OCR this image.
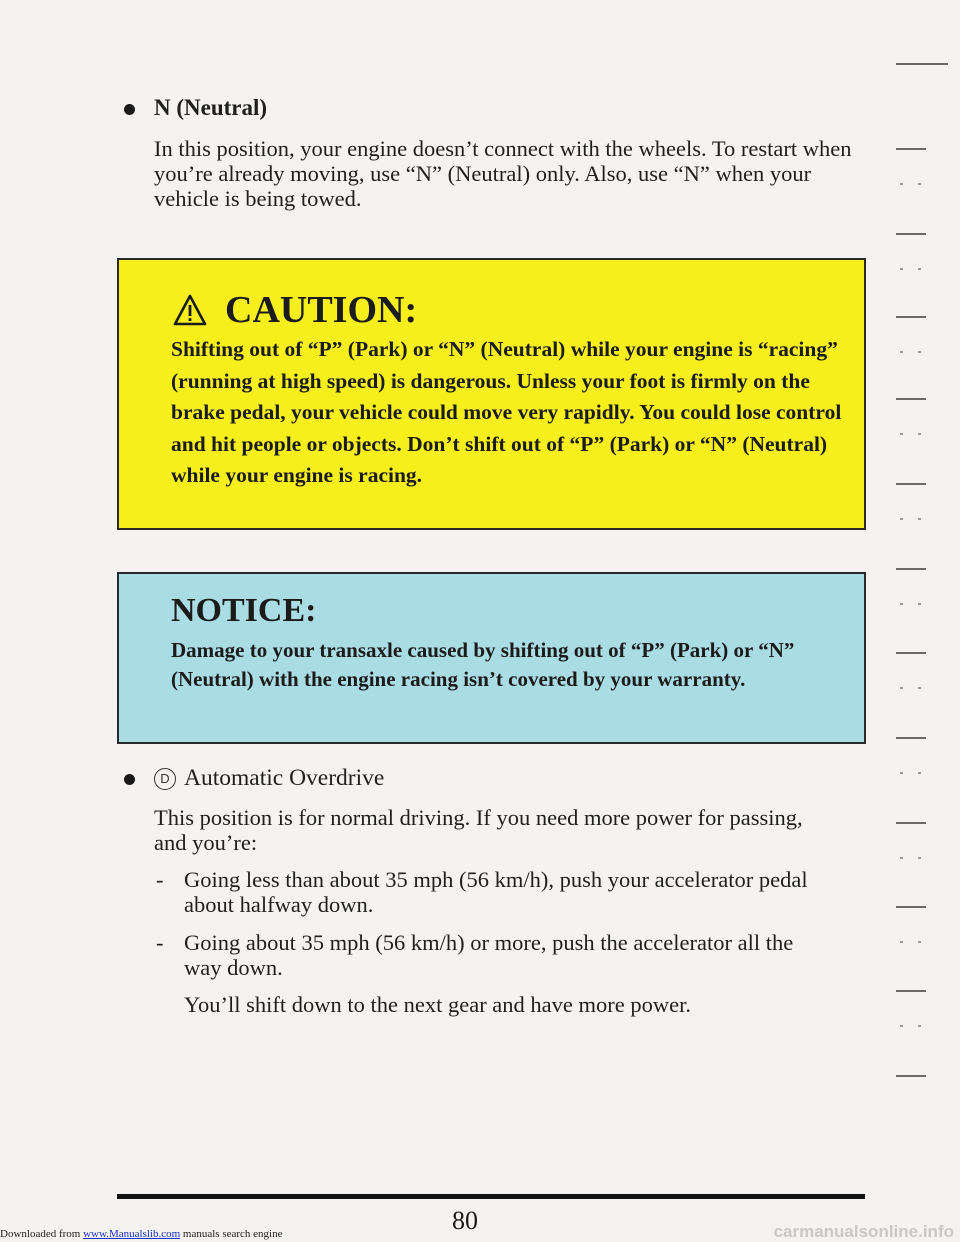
N (Neutral)
In this position, your engine doesn’t connect with the wheels. To restart when you’re already moving, use “N” (Neutral) only. Also, use “N” when your vehicle is being towed.
CAUTION:
Shifting out of “P” (Park) or “N” (Neutral) while your engine is “racing” (running at high speed) is dangerous. Unless your foot is firmly on the brake pedal, your vehicle could move very rapidly. You could lose control and hit people or objects. Don’t shift out of “P” (Park) or “N” (Neutral) while your engine is racing.
NOTICE:
Damage to your transaxle caused by shifting out of “P” (Park) or “N” (Neutral) with the engine racing isn’t covered by your warranty.
D Automatic Overdrive
This position is for normal driving. If you need more power for passing, and you’re:
- Going less than about 35 mph (56 km/h), push your accelerator pedal about halfway down.
- Going about 35 mph (56 km/h) or more, push the accelerator all the way down.
You’ll shift down to the next gear and have more power.
80
Downloaded from www.Manualslib.com manuals search engine	carmanualsonline.info
